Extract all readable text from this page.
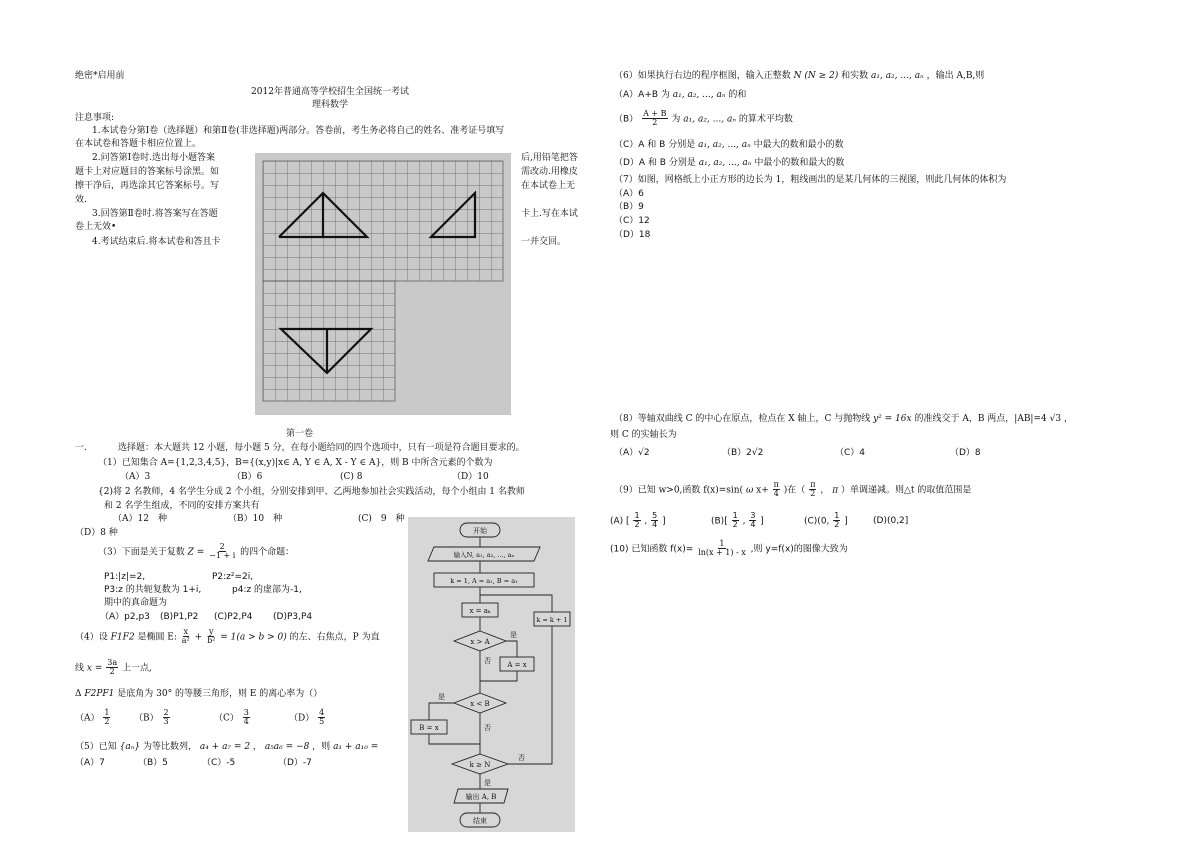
绝密*启用前
2012年普通高等学校招生全国统一考试
理科数学
注息事项:
1.本试卷分第Ⅰ卷（选择题）和第Ⅱ卷(非选择题)两部分。答卷前，考生务必将自己的姓名、准考证号填写
在本试卷和答题卡相应位置上。
2.问答第Ⅰ卷时.选出每小题答案	后,用铅笔把答
题卡上对应题目的答案标号涂黑。如	需改动.用橡皮
擦干净后，再选涂其它答案标号。写	在本试卷上无
效.
3.回答第Ⅱ卷时.将答案写在答题	卡上.写在本试
卷上无效•
4.考试结束后.将本试卷和答且卡	一并交回。
第一卷
一.	选择题：本大题共 12 小题，每小题 5 分，在每小题给同的四个选项中，只有一项是符合题目要求的。
（1）已知集合 A={1,2,3,4,5}，B={(x,y)|x∈ A, Y ∈ A, X - Y ∈ A}，则 B 中所含元素的个数为
（A）3	（B）6	(C) 8	（D）10
{2)将 2 名教师，4 名学生分成 2 个小组，分别安排到甲、乙两地参加社会实践活动，每个小组由 1 名教师
和 2 名学生组成，不同的安排方案共有
（A）12　种	（B）10　种	(C)　9　种
（D）8 种
（3）下面是关于复数 $Z = \frac{2}{-1 + i}$ 的四个命题：
P1:|z|=2,	P2:z²=2i,
P3:z 的共轭复数为 1+i,	p4:z 的虚部为-1,
期中的真命题为
（A）p2,p3 (B)P1,P2 (C)P2,P4 (D)P3,P4
（4）设 F1F2 是椭圆 E: $\frac{x}{\text{a²}} + \frac{y}{\text{b²}} = 1(a > b > 0)$ 的左、右焦点，P 为直
线 $x = \frac{3a}{2}$ 上一点,
Δ F2PF1 是底角为 30° 的等腰三角形，则 E 的离心率为（）
$(A) \frac{1}{2}$	$(B) \frac{2}{3}$	$(C) \frac{3}{4}$	$(D) \frac{4}{5}$
（5）已知 {aₙ} 为等比数列， a₄ + a₇ = 2 ， a₅a₆ = −8 ，则 a₁ + a₁₀ =
（A）7	（B）5	（C）-5	（D）-7
开始
输入N, a₁, a₂, ..., aₙ
k = 1, A = a₁, B = a₁
x = aₖ
k = k + 1
x > A
是
A = x
否
x < B
是
B = x	否
k ≥ N
否
是
输出 A, B
结束
（6）如果执行右边的程序框图，输入正整数 N (N ≥ 2) 和实数 a₁, a₂, ..., aₙ ，输出 A,B,则
（A）A+B 为 a₁, a₂, ..., aₙ 的和
$(B) \frac{A + B}{2}$ 为 a₁, a₂, ..., aₙ 的算术平均数
（C）A 和 B 分别是 a₁, a₂, ..., aₙ 中最大的数和最小的数
（D）A 和 B 分别是 a₁, a₂, ..., aₙ 中最小的数和最大的数
（7）如图，网格纸上小正方形的边长为 1，粗线画出的是某几何体的三视图，则此几何体的体积为
（A）6
（B）9
（C）12
（D）18
（8）等轴双曲线 C 的中心在原点，检点在 X 轴上，C 与抛物线 y² = 16x 的准线交于 A，B 两点，|AB|=4 √3 ，
则 C 的实轴长为
（A）√2	（B）2√2	（C）4	（D）8
（9）已知 w>0,函数 f(x)=sin( ω $x+ \frac{\pi}{4}$ )在（ $\frac{\pi}{2}$ ， π ）单调递减。则△t 的取值范围是
(A) [ $\frac{1}{2}$ , $\frac{5}{4}$ ]	$(B)[ \frac{1}{2}$ , $\frac{3}{4}$ ]	(C)(0, $\frac{1}{2}$ ]	(D)(0,2]
(10) 已知函数 $f(x)= \frac{1}{\ln(x + 1) - x}$ ,则 y=f(x)的图像大致为
